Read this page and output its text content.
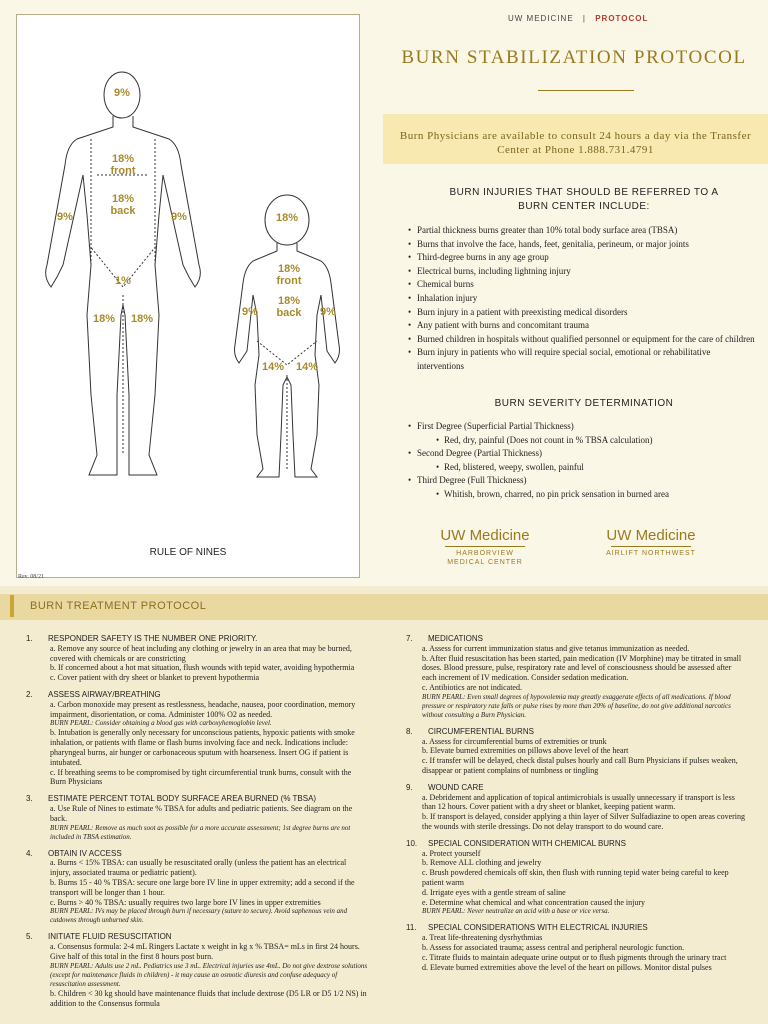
9%
18%
front
18%
back
9%	9%
1%
18% 18%
18%
18%
front
18%
back
9%	9%
14% 14%
RULE OF NINES
Rev. 08/21
UW MEDICINE | PROTOCOL
BURN STABILIZATION PROTOCOL
Burn Physicians are available to consult 24 hours a day via the Transfer Center at Phone 1.888.731.4791
BURN INJURIES THAT SHOULD BE REFERRED TO A BURN CENTER INCLUDE:
• Partial thickness burns greater than 10% total body surface area (TBSA)
• Burns that involve the face, hands, feet, genitalia, perineum, or major joints
• Third-degree burns in any age group
• Electrical burns, including lightning injury
• Chemical burns
• Inhalation injury
• Burn injury in a patient with preexisting medical disorders
• Any patient with burns and concomitant trauma
• Burned children in hospitals without qualified personnel or equipment for the care of children
• Burn injury in patients who will require special social, emotional or rehabilitative interventions
BURN SEVERITY DETERMINATION
• First Degree (Superficial Partial Thickness)
• Red, dry, painful (Does not count in % TBSA calculation)
• Second Degree (Partial Thickness)
• Red, blistered, weepy, swollen, painful
• Third Degree (Full Thickness)
• Whitish, brown, charred, no pin prick sensation in burned area
UW Medicine
HARBORVIEW
MEDICAL CENTER
UW Medicine
AIRLIFT NORTHWEST
BURN TREATMENT PROTOCOL
1. RESPONDER SAFETY IS THE NUMBER ONE PRIORITY.
a. Remove any source of heat including any clothing or jewelry in an area that may be burned, covered with chemicals or are constricting
b. If concerned about a hot mat situation, flush wounds with tepid water, avoiding hypothermia
c. Cover patient with dry sheet or blanket to prevent hypothermia
2. ASSESS AIRWAY/BREATHING
a. Carbon monoxide may present as restlessness, headache, nausea, poor coordination, memory impairment, disorientation, or coma. Administer 100% O2 as needed.
BURN PEARL: Consider obtaining a blood gas with carboxyhemoglobin level.
b. Intubation is generally only necessary for unconscious patients, hypoxic patients with smoke inhalation, or patients with flame or flash burns involving face and neck. Indications include: pharyngeal burns, air hunger or carbonaceous sputum with hoarseness. Insert OG if patient is intubated.
c. If breathing seems to be compromised by tight circumferential trunk burns, consult with the Burn Physicians
3. ESTIMATE PERCENT TOTAL BODY SURFACE AREA BURNED (% TBSA)
a. Use Rule of Nines to estimate % TBSA for adults and pediatric patients. See diagram on the back.
BURN PEARL: Remove as much soot as possible for a more accurate assessment; 1st degree burns are not included in TBSA estimation.
4. OBTAIN IV ACCESS
a. Burns < 15% TBSA: can usually be resuscitated orally (unless the patient has an electrical injury, associated trauma or pediatric patient).
b. Burns 15 - 40 % TBSA: secure one large bore IV line in upper extremity; add a second if the transport will be longer than 1 hour.
c. Burns > 40 % TBSA: usually requires two large bore IV lines in upper extremities
BURN PEARL: IVs may be placed through burn if necessary (suture to secure). Avoid saphenous vein and cutdowns through unburned skin.
5. INITIATE FLUID RESUSCITATION
a. Consensus formula: 2-4 mL Ringers Lactate x weight in kg x % TBSA= mLs in first 24 hours. Give half of this total in the first 8 hours post burn.
BURN PEARL: Adults use 2 mL. Pediatrics use 3 mL. Electrical injuries use 4mL. Do not give dextrose solutions (except for maintenance fluids in children) - it may cause an osmotic diuresis and confuse adequacy of resuscitation assessment.
b. Children < 30 kg should have maintenance fluids that include dextrose (D5 LR or D5 1/2 NS) in addition to the Consensus formula
7. MEDICATIONS
a. Assess for current immunization status and give tetanus immunization as needed.
b. After fluid resuscitation has been started, pain medication (IV Morphine) may be titrated in small doses. Blood pressure, pulse, respiratory rate and level of consciousness should be assessed after each increment of IV medication. Consider sedation medication.
c. Antibiotics are not indicated.
BURN PEARL: Even small degrees of hypovolemia may greatly exaggerate effects of all medications. If blood pressure or respiratory rate falls or pulse rises by more than 20% of baseline, do not give additional narcotics without consulting a Burn Physician.
8. CIRCUMFERENTIAL BURNS
a. Assess for circumferential burns of extremities or trunk
b. Elevate burned extremities on pillows above level of the heart
c. If transfer will be delayed, check distal pulses hourly and call Burn Physicians if pulses weaken, disappear or patient complains of numbness or tingling
9. WOUND CARE
a. Debridement and application of topical antimicrobials is usually unnecessary if transport is less than 12 hours. Cover patient with a dry sheet or blanket, keeping patient warm.
b. If transport is delayed, consider applying a thin layer of Silver Sulfadiazine to open areas covering the wounds with sterile dressings. Do not delay transport to do wound care.
10. SPECIAL CONSIDERATION WITH CHEMICAL BURNS
a. Protect yourself
b. Remove ALL clothing and jewelry
c. Brush powdered chemicals off skin, then flush with running tepid water being careful to keep patient warm
d. Irrigate eyes with a gentle stream of saline
e. Determine what chemical and what concentration caused the injury
BURN PEARL: Never neutralize an acid with a base or vice versa.
11. SPECIAL CONSIDERATIONS WITH ELECTRICAL INJURIES
a. Treat life-threatening dysrhythmias
b. Assess for associated trauma; assess central and peripheral neurologic function.
c. Titrate fluids to maintain adequate urine output or to flush pigments through the urinary tract
d. Elevate burned extremities above the level of the heart on pillows. Monitor distal pulses
